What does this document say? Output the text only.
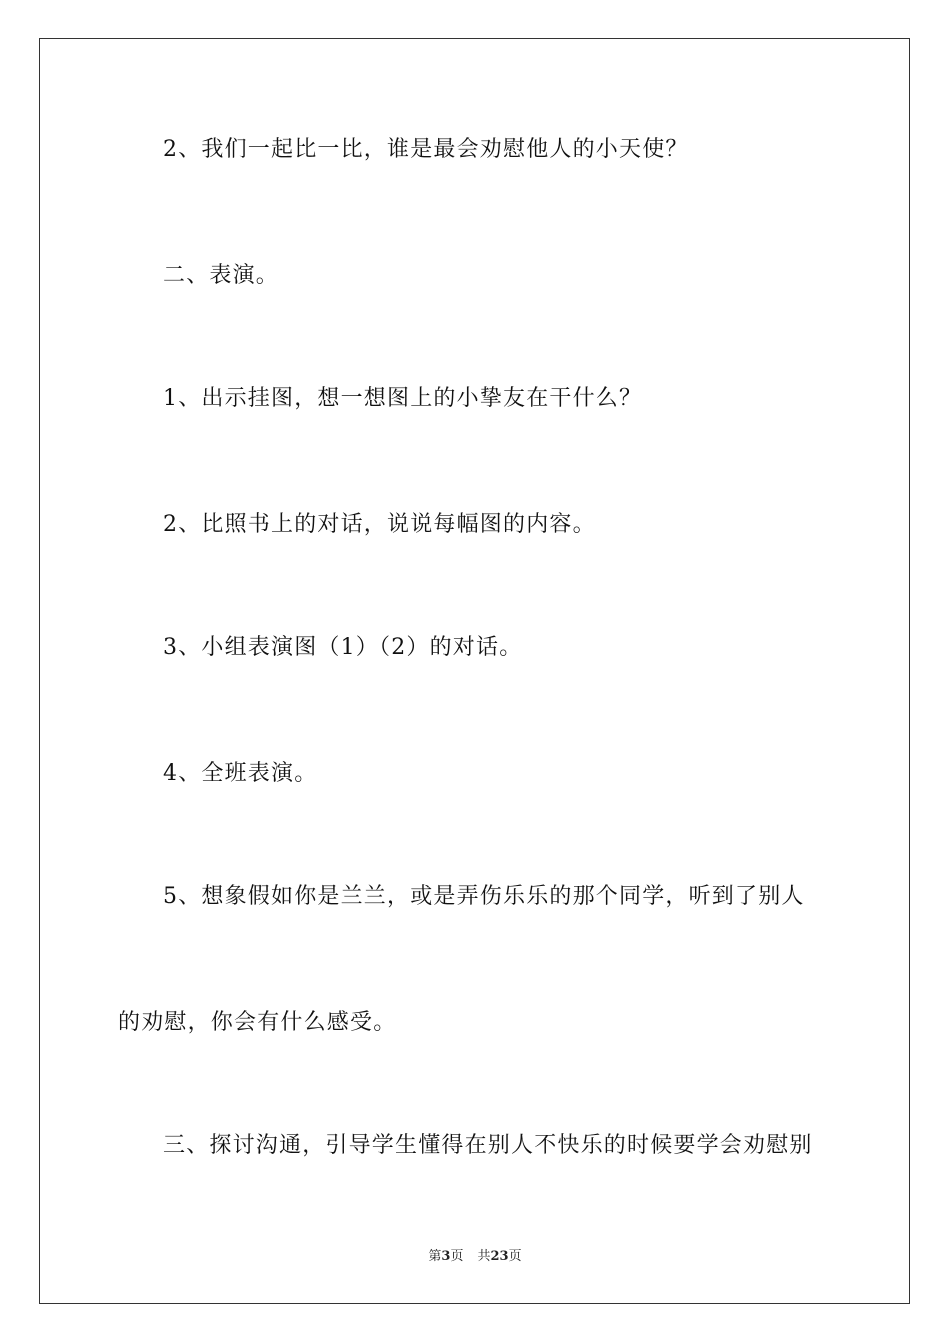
2、我们一起比一比，谁是最会劝慰他人的小天使？

二、表演。

1、出示挂图，想一想图上的小挚友在干什么？

2、比照书上的对话，说说每幅图的内容。

3、小组表演图（1）（2）的对话。

4、全班表演。

5、想象假如你是兰兰，或是弄伤乐乐的那个同学，听到了别人

的劝慰，你会有什么感受。

三、探讨沟通，引导学生懂得在别人不快乐的时候要学会劝慰别

第3页 共23页
